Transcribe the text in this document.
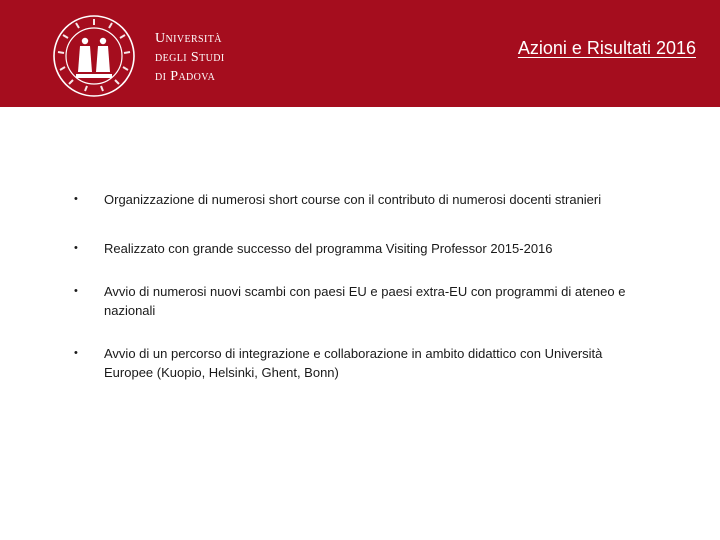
Università
degli Studi
di Padova
Azioni e Risultati 2016
• Organizzazione di numerosi short course con il contributo di numerosi docenti stranieri
• Realizzato con grande successo del programma Visiting Professor 2015-2016
• Avvio di numerosi nuovi scambi con paesi EU e paesi extra-EU con programmi di ateneo e nazionali
• Avvio di un percorso di integrazione e collaborazione in ambito didattico con Università Europee (Kuopio, Helsinki, Ghent, Bonn)
